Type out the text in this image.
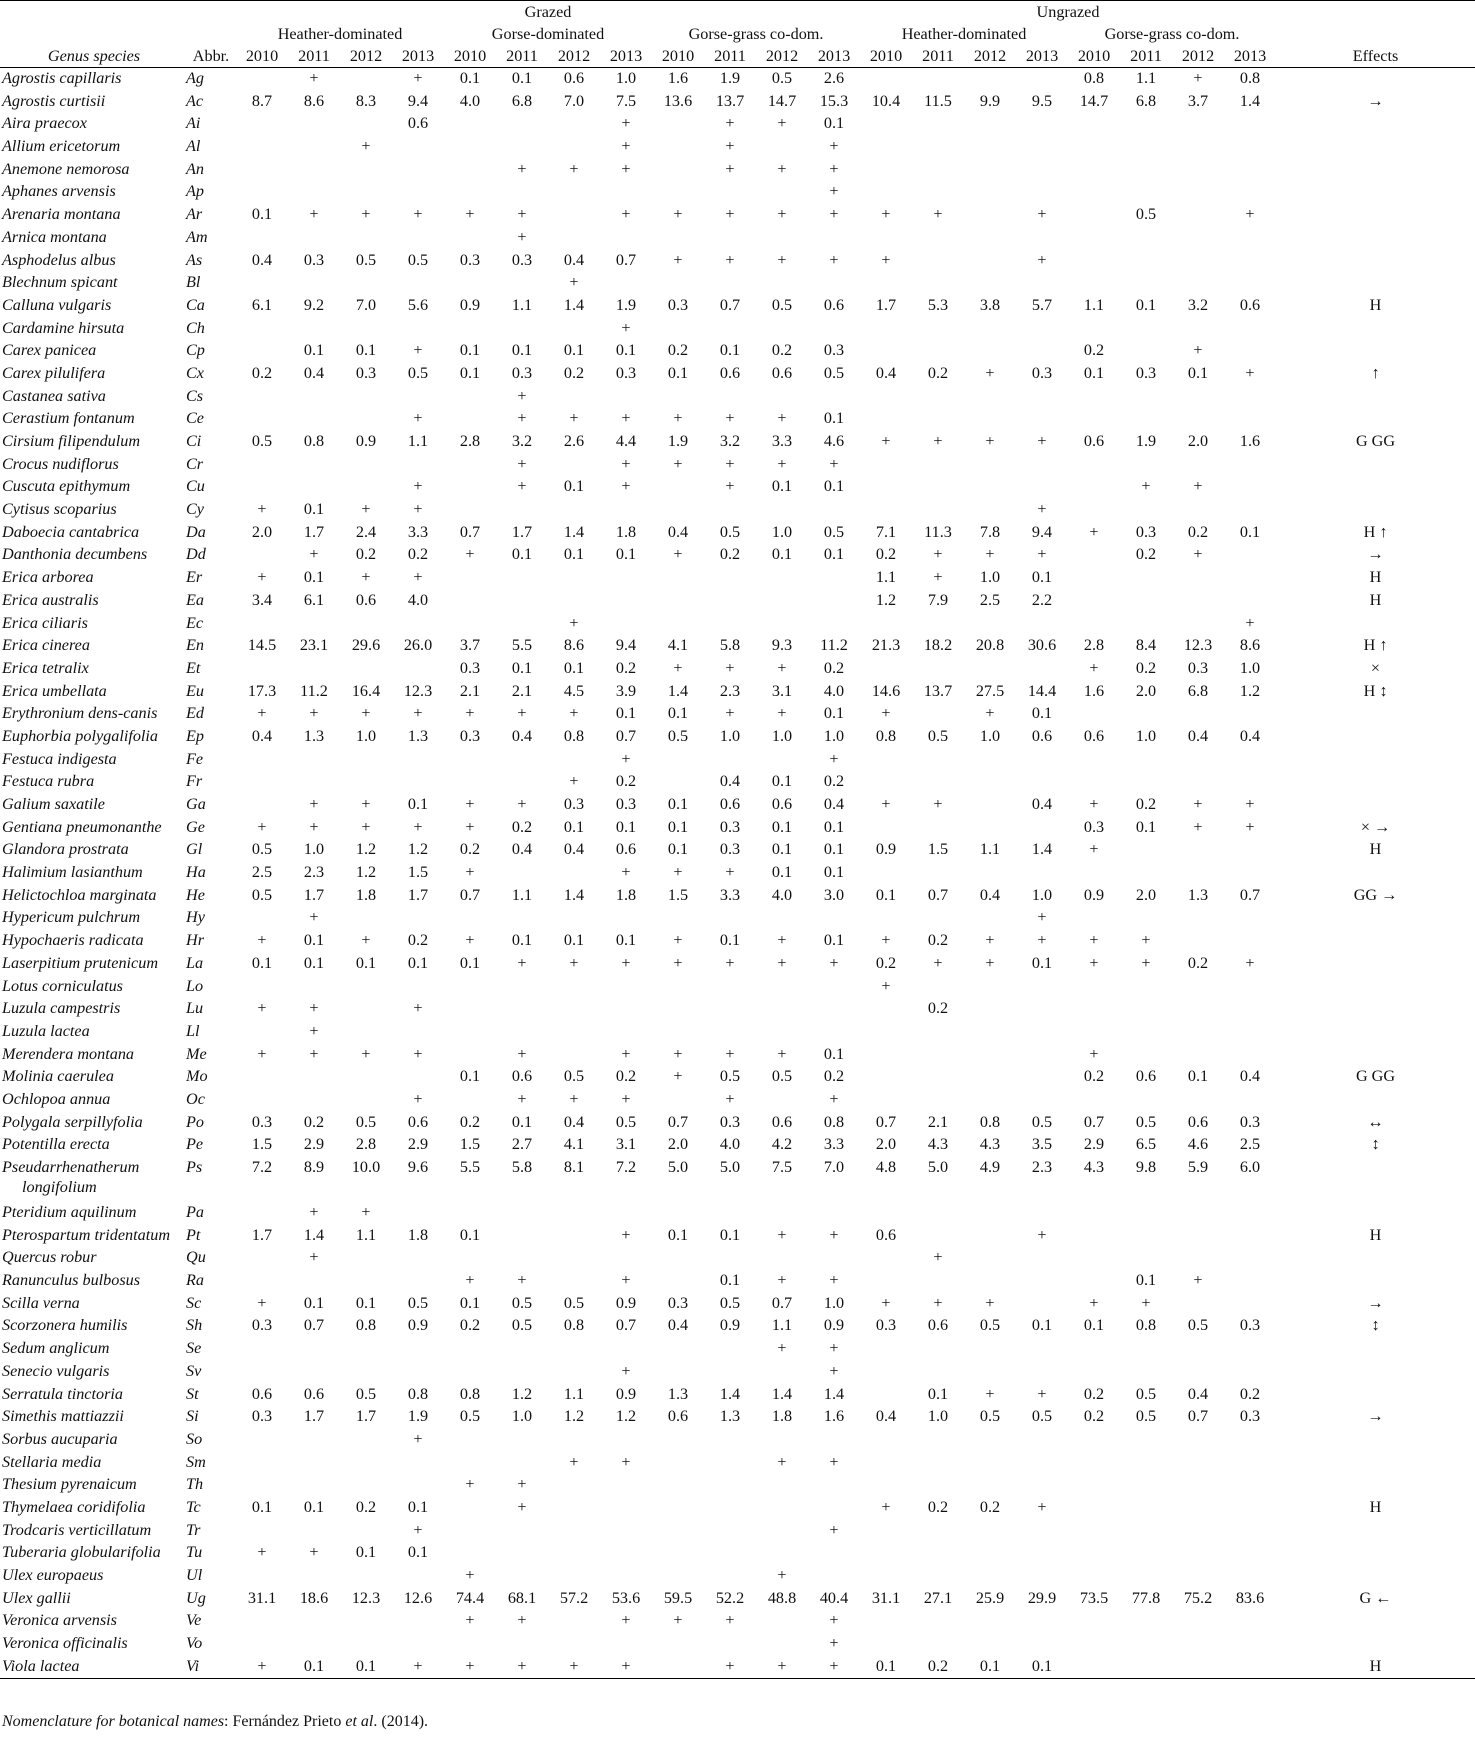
		Grazed												Ungrazed								
		Heather-dominated				Gorse-dominated				Gorse-grass co-dom.				Heather-dominated				Gorse-grass co-dom.				
Genus species	Abbr.	2010	2011	2012	2013	2010	2011	2012	2013	2010	2011	2012	2013	2010	2011	2012	2013	2010	2011	2012	2013	Effects

Agrostis capillaris	Ag		+		+	0.1	0.1	0.6	1.0	1.6	1.9	0.5	2.6					0.8	1.1	+	0.8	
Agrostis curtisii	Ac	8.7	8.6	8.3	9.4	4.0	6.8	7.0	7.5	13.6	13.7	14.7	15.3	10.4	11.5	9.9	9.5	14.7	6.8	3.7	1.4	→
Aira praecox	Ai				0.6				+		+	+	0.1									
Allium ericetorum	Al			+					+		+		+									
Anemone nemorosa	An						+	+	+		+	+	+									
Aphanes arvensis	Ap												+									
Arenaria montana	Ar	0.1	+	+	+	+	+		+	+	+	+	+	+	+		+		0.5		+	
Arnica montana	Am						+															
Asphodelus albus	As	0.4	0.3	0.5	0.5	0.3	0.3	0.4	0.7	+	+	+	+	+			+					
Blechnum spicant	Bl							+														
Calluna vulgaris	Ca	6.1	9.2	7.0	5.6	0.9	1.1	1.4	1.9	0.3	0.7	0.5	0.6	1.7	5.3	3.8	5.7	1.1	0.1	3.2	0.6	H
Cardamine hirsuta	Ch								+													
Carex panicea	Cp		0.1	0.1	+	0.1	0.1	0.1	0.1	0.2	0.1	0.2	0.3					0.2		+		
Carex pilulifera	Cx	0.2	0.4	0.3	0.5	0.1	0.3	0.2	0.3	0.1	0.6	0.6	0.5	0.4	0.2	+	0.3	0.1	0.3	0.1	+	↑
Castanea sativa	Cs						+															
Cerastium fontanum	Ce				+		+	+	+	+	+	+	0.1									
Cirsium filipendulum	Ci	0.5	0.8	0.9	1.1	2.8	3.2	2.6	4.4	1.9	3.2	3.3	4.6	+	+	+	+	0.6	1.9	2.0	1.6	G GG
Crocus nudiflorus	Cr						+		+	+	+	+	+									
Cuscuta epithymum	Cu				+		+	0.1	+		+	0.1	0.1						+	+		
Cytisus scoparius	Cy	+	0.1	+	+												+					
Daboecia cantabrica	Da	2.0	1.7	2.4	3.3	0.7	1.7	1.4	1.8	0.4	0.5	1.0	0.5	7.1	11.3	7.8	9.4	+	0.3	0.2	0.1	H ↑
Danthonia decumbens	Dd		+	0.2	0.2	+	0.1	0.1	0.1	+	0.2	0.1	0.1	0.2	+	+	+		0.2	+		→
Erica arborea	Er	+	0.1	+	+									1.1	+	1.0	0.1					H
Erica australis	Ea	3.4	6.1	0.6	4.0									1.2	7.9	2.5	2.2					H
Erica ciliaris	Ec							+													+	
Erica cinerea	En	14.5	23.1	29.6	26.0	3.7	5.5	8.6	9.4	4.1	5.8	9.3	11.2	21.3	18.2	20.8	30.6	2.8	8.4	12.3	8.6	H ↑
Erica tetralix	Et					0.3	0.1	0.1	0.2	+	+	+	0.2					+	0.2	0.3	1.0	×
Erica umbellata	Eu	17.3	11.2	16.4	12.3	2.1	2.1	4.5	3.9	1.4	2.3	3.1	4.0	14.6	13.7	27.5	14.4	1.6	2.0	6.8	1.2	H ↕
Erythronium dens-canis	Ed	+	+	+	+	+	+	+	0.1	0.1	+	+	0.1	+		+	0.1					
Euphorbia polygalifolia	Ep	0.4	1.3	1.0	1.3	0.3	0.4	0.8	0.7	0.5	1.0	1.0	1.0	0.8	0.5	1.0	0.6	0.6	1.0	0.4	0.4	
Festuca indigesta	Fe								+				+									
Festuca rubra	Fr							+	0.2		0.4	0.1	0.2									
Galium saxatile	Ga		+	+	0.1	+	+	0.3	0.3	0.1	0.6	0.6	0.4	+	+		0.4	+	0.2	+	+	
Gentiana pneumonanthe	Ge	+	+	+	+	+	0.2	0.1	0.1	0.1	0.3	0.1	0.1					0.3	0.1	+	+	× →
Glandora prostrata	Gl	0.5	1.0	1.2	1.2	0.2	0.4	0.4	0.6	0.1	0.3	0.1	0.1	0.9	1.5	1.1	1.4	+				H
Halimium lasianthum	Ha	2.5	2.3	1.2	1.5	+			+	+	+	0.1	0.1									
Helictochloa marginata	He	0.5	1.7	1.8	1.7	0.7	1.1	1.4	1.8	1.5	3.3	4.0	3.0	0.1	0.7	0.4	1.0	0.9	2.0	1.3	0.7	GG →
Hypericum pulchrum	Hy		+														+					
Hypochaeris radicata	Hr	+	0.1	+	0.2	+	0.1	0.1	0.1	+	0.1	+	0.1	+	0.2	+	+	+	+			
Laserpitium prutenicum	La	0.1	0.1	0.1	0.1	0.1	+	+	+	+	+	+	+	0.2	+	+	0.1	+	+	0.2	+	
Lotus corniculatus	Lo													+								
Luzula campestris	Lu	+	+		+										0.2							
Luzula lactea	Ll		+																			
Merendera montana	Me	+	+	+	+		+		+	+	+	+	0.1					+				
Molinia caerulea	Mo					0.1	0.6	0.5	0.2	+	0.5	0.5	0.2					0.2	0.6	0.1	0.4	G GG
Ochlopoa annua	Oc				+		+	+	+		+		+									
Polygala serpillyfolia	Po	0.3	0.2	0.5	0.6	0.2	0.1	0.4	0.5	0.7	0.3	0.6	0.8	0.7	2.1	0.8	0.5	0.7	0.5	0.6	0.3	↔
Potentilla erecta	Pe	1.5	2.9	2.8	2.9	1.5	2.7	4.1	3.1	2.0	4.0	4.2	3.3	2.0	4.3	4.3	3.5	2.9	6.5	4.6	2.5	↕
Pseudarrhenatherum
longifolium	Ps	7.2	8.9	10.0	9.6	5.5	5.8	8.1	7.2	5.0	5.0	7.5	7.0	4.8	5.0	4.9	2.3	4.3	9.8	5.9	6.0	
Pteridium aquilinum	Pa		+	+																		
Pterospartum tridentatum	Pt	1.7	1.4	1.1	1.8	0.1			+	0.1	0.1	+	+	0.6			+					H
Quercus robur	Qu		+												+							
Ranunculus bulbosus	Ra					+	+		+		0.1	+	+						0.1	+		
Scilla verna	Sc	+	0.1	0.1	0.5	0.1	0.5	0.5	0.9	0.3	0.5	0.7	1.0	+	+	+		+	+			→
Scorzonera humilis	Sh	0.3	0.7	0.8	0.9	0.2	0.5	0.8	0.7	0.4	0.9	1.1	0.9	0.3	0.6	0.5	0.1	0.1	0.8	0.5	0.3	↕
Sedum anglicum	Se											+	+									
Senecio vulgaris	Sv								+				+									
Serratula tinctoria	St	0.6	0.6	0.5	0.8	0.8	1.2	1.1	0.9	1.3	1.4	1.4	1.4		0.1	+	+	0.2	0.5	0.4	0.2	
Simethis mattiazzii	Si	0.3	1.7	1.7	1.9	0.5	1.0	1.2	1.2	0.6	1.3	1.8	1.6	0.4	1.0	0.5	0.5	0.2	0.5	0.7	0.3	→
Sorbus aucuparia	So				+																	
Stellaria media	Sm							+	+			+	+									
Thesium pyrenaicum	Th					+	+															
Thymelaea coridifolia	Tc	0.1	0.1	0.2	0.1		+							+	0.2	0.2	+					H
Trodcaris verticillatum	Tr				+								+									
Tuberaria globularifolia	Tu	+	+	0.1	0.1																	
Ulex europaeus	Ul					+						+										
Ulex gallii	Ug	31.1	18.6	12.3	12.6	74.4	68.1	57.2	53.6	59.5	52.2	48.8	40.4	31.1	27.1	25.9	29.9	73.5	77.8	75.2	83.6	G ←
Veronica arvensis	Ve					+	+		+	+	+		+									
Veronica officinalis	Vo												+									
Viola lactea	Vi	+	0.1	0.1	+	+	+	+	+		+	+	+	0.1	0.2	0.1	0.1					H

Nomenclature for botanical names: Fernández Prieto et al. (2014).
